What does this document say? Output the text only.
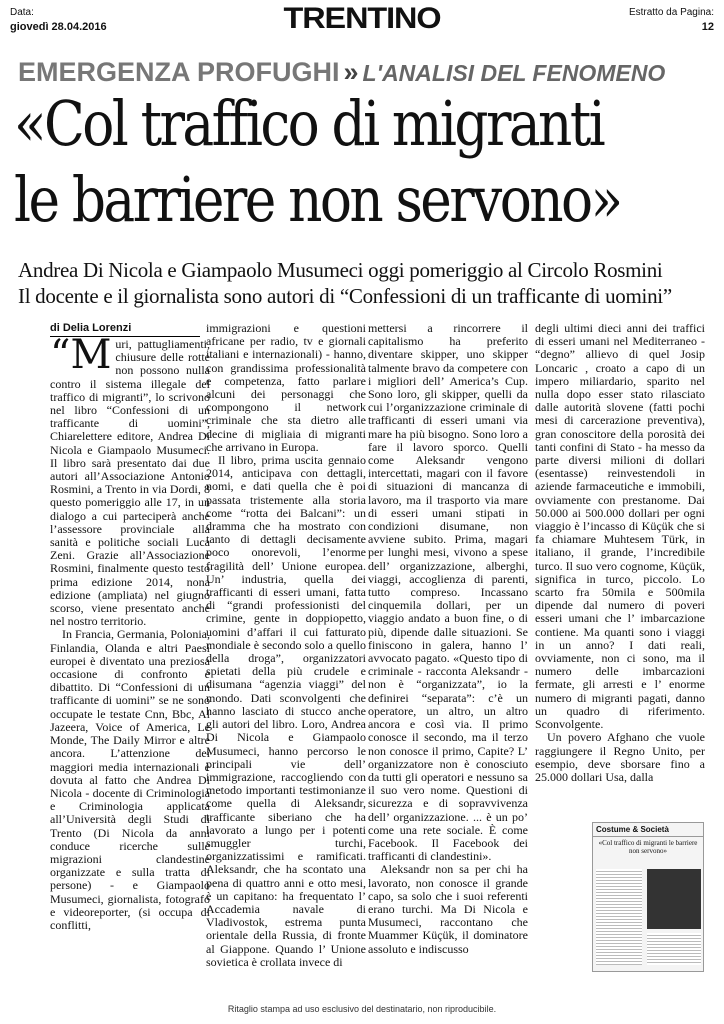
Data:
giovedì 28.04.2016	TRENTINO	Estratto da Pagina:
12
EMERGENZA PROFUGHI » L'ANALISI DEL FENOMENO
«Col traffico di migranti
le barriere non servono»
Andrea Di Nicola e Giampaolo Musumeci oggi pomeriggio al Circolo Rosmini
Il docente e il giornalista sono autori di “Confessioni di un trafficante di uomini”
di Delia Lorenzi

“Muri, pattugliamenti, chiusure delle rotte non possono nulla contro il sistema illegale del traffico di migranti”, lo scrivono nel libro “Confessioni di un trafficante di uomini”, Chiarelettere editore, Andrea Di Nicola e Giampaolo Musumeci. Il libro sarà presentato dai due autori all’Associazione Antonio Rosmini, a Trento in via Dordi, 8 questo pomeriggio alle 17, in un dialogo a cui parteciperà anche l’assessore provinciale alla sanità e politiche sociali Luca Zeni. Grazie all’Associazione Rosmini, finalmente questo testo prima edizione 2014, nona edizione (ampliata) nel giugno scorso, viene presentato anche nel nostro territorio.

In Francia, Germania, Polonia, Finlandia, Olanda e altri Paesi europei è diventato una preziosa occasione di confronto e dibattito. Di “Confessioni di un trafficante di uomini” se ne sono occupate le testate Cnn, Bbc, Al Jazeera, Voice of America, Le Monde, The Daily Mirror e altre ancora. L’attenzione dei maggiori media internazionali è dovuta al fatto che Andrea Di Nicola - docente di Criminologia e Criminologia applicata all’Università degli Studi di Trento (Di Nicola da anni conduce ricerche sulle migrazioni clandestine organizzate e sulla tratta di persone) - e Giampaolo Musumeci, giornalista, fotografo e videoreporter, (si occupa di conflitti,

immigrazioni e questioni africane per radio, tv e giornali italiani e internazionali) - hanno, con grandissima professionalità e competenza, fatto parlare alcuni dei personaggi che compongono il network criminale che sta dietro alle decine di migliaia di migranti che arrivano in Europa.

Il libro, prima uscita gennaio 2014, anticipava con dettagli, nomi, e dati quella che è poi passata tristemente alla storia come “rotta dei Balcani”: un dramma che ha mostrato con tanto di dettagli decisamente poco onorevoli, l’enorme fragilità dell’ Unione europea. Un’ industria, quella dei trafficanti di esseri umani, fatta di “grandi professionisti del crimine, gente in doppiopetto, uomini d’affari il cui fatturato mondiale è secondo solo a quello della droga”, organizzatori spietati della più crudele e disumana “agenzia viaggi” del mondo. Dati sconvolgenti che hanno lasciato di stucco anche gli autori del libro. Loro, Andrea Di Nicola e Giampaolo Musumeci, hanno percorso le principali vie dell’ immigrazione, raccogliendo con metodo importanti testimonianze come quella di Aleksandr, trafficante siberiano che ha lavorato a lungo per i potenti smuggler turchi, organizzatissimi e ramificati. Aleksandr, che ha scontato una pena di quattro anni e otto mesi, è un capitano: ha frequentato l’ Accademia navale di Vladivostok, estrema punta orientale della Russia, di fronte al Giappone. Quando l’ Unione sovietica è crollata invece di

mettersi a rincorrere il capitalismo ha preferito diventare skipper, uno skipper talmente bravo da competere con i migliori dell’ America’s Cup. Sono loro, gli skipper, quelli da cui l’organizzazione criminale di trafficanti di esseri umani via mare ha più bisogno. Sono loro a fare il lavoro sporco. Quelli come Aleksandr vengono intercettati, magari con il favore di situazioni di mancanza di lavoro, ma il trasporto via mare di esseri umani stipati in condizioni disumane, non avviene subito. Prima, magari per lunghi mesi, vivono a spese dell’ organizzazione, alberghi, viaggi, accoglienza di parenti, tutto compreso. Incassano cinquemila dollari, per un viaggio andato a buon fine, o di più, dipende dalle situazioni. Se finiscono in galera, hanno l’ avvocato pagato. «Questo tipo di criminale - racconta Aleksandr - non è “organizzata”, io la definirei “separata”: c’è un operatore, un altro, un altro ancora e così via. Il primo conosce il secondo, ma il terzo non conosce il primo, Capite? L’ organizzatore non è conosciuto da tutti gli operatori e nessuno sa il suo vero nome. Questioni di sicurezza e di sopravvivenza dell’ organizzazione. ... è un po’ come una rete sociale. È come Facebook. Il Facebook dei trafficanti di clandestini».

Aleksandr non sa per chi ha lavorato, non conosce il grande capo, sa solo che i suoi referenti erano turchi. Ma Di Nicola e Musumeci, raccontano che Muammer Küçük, il dominatore assoluto e indiscusso

degli ultimi dieci anni dei traffici di esseri umani nel Mediterraneo - “degno” allievo di quel Josip Loncaric , croato a capo di un impero miliardario, sparito nel nulla dopo esser stato rilasciato dalle autorità slovene (fatti pochi mesi di carcerazione preventiva), gran conoscitore della porosità dei tanti confini di Stato - ha messo da parte diversi milioni di dollari (esentasse) reinvestendoli in aziende farmaceutiche e immobili, ovviamente con prestanome. Dai 50.000 ai 500.000 dollari per ogni viaggio è l’incasso di Küçük che si fa chiamare Muhtesem Türk, in italiano, il grande, l’incredibile turco. Il suo vero cognome, Küçük, significa in turco, piccolo. Lo scarto fra 50mila e 500mila dipende dal numero di poveri esseri umani che l’ imbarcazione contiene. Ma quanti sono i viaggi in un anno? I dati reali, ovviamente, non ci sono, ma il numero delle imbarcazioni fermate, gli arresti e l’ enorme numero di migranti pagati, danno un quadro di riferimento. Sconvolgente.

Un povero Afghano che vuole raggiungere il Regno Unito, per esempio, deve sborsare fino a 25.000 dollari Usa, dalla

Costume & Società
«Col traffico di migranti le barriere non servono»
Ritaglio stampa ad uso esclusivo del destinatario, non riproducibile.
